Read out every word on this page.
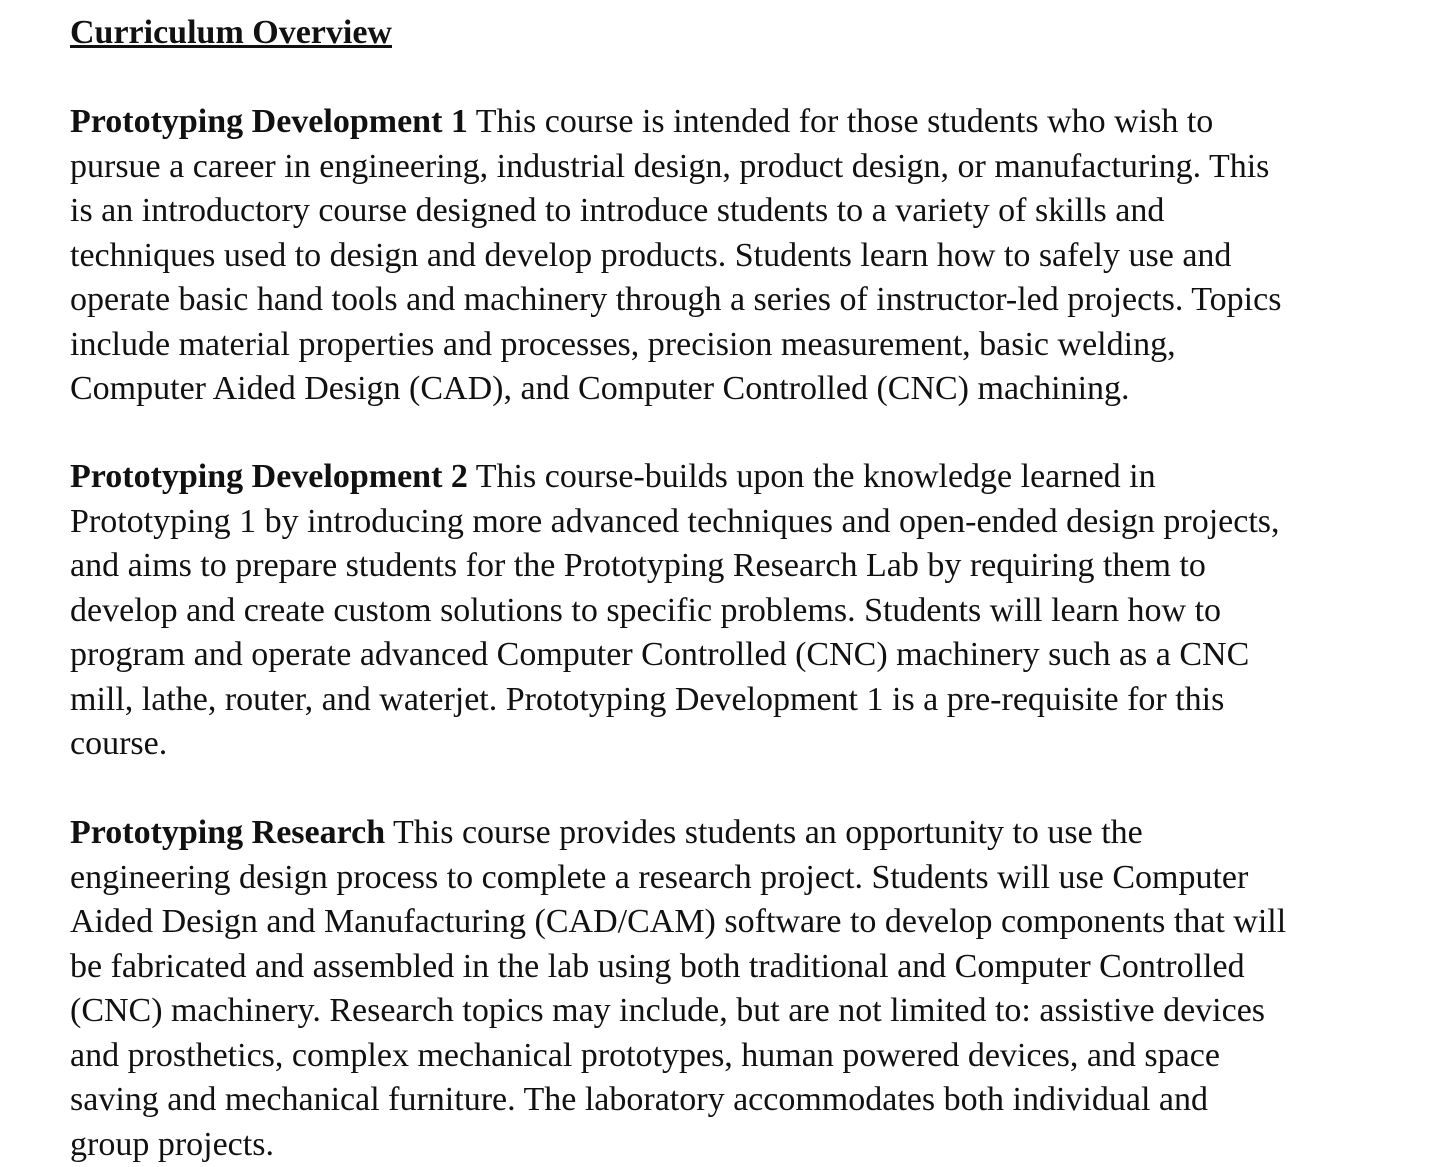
Curriculum Overview
Prototyping Development 1 This course is intended for those students who wish to
pursue a career in engineering, industrial design, product design, or manufacturing. This
is an introductory course designed to introduce students to a variety of skills and
techniques used to design and develop products. Students learn how to safely use and
operate basic hand tools and machinery through a series of instructor-led projects. Topics
include material properties and processes, precision measurement, basic welding,
Computer Aided Design (CAD), and Computer Controlled (CNC) machining.
Prototyping Development 2 This course-builds upon the knowledge learned in
Prototyping 1 by introducing more advanced techniques and open-ended design projects,
and aims to prepare students for the Prototyping Research Lab by requiring them to
develop and create custom solutions to specific problems. Students will learn how to
program and operate advanced Computer Controlled (CNC) machinery such as a CNC
mill, lathe, router, and waterjet. Prototyping Development 1 is a pre-requisite for this
course.
Prototyping Research This course provides students an opportunity to use the
engineering design process to complete a research project. Students will use Computer
Aided Design and Manufacturing (CAD/CAM) software to develop components that will
be fabricated and assembled in the lab using both traditional and Computer Controlled
(CNC) machinery. Research topics may include, but are not limited to: assistive devices
and prosthetics, complex mechanical prototypes, human powered devices, and space
saving and mechanical furniture. The laboratory accommodates both individual and
group projects.
